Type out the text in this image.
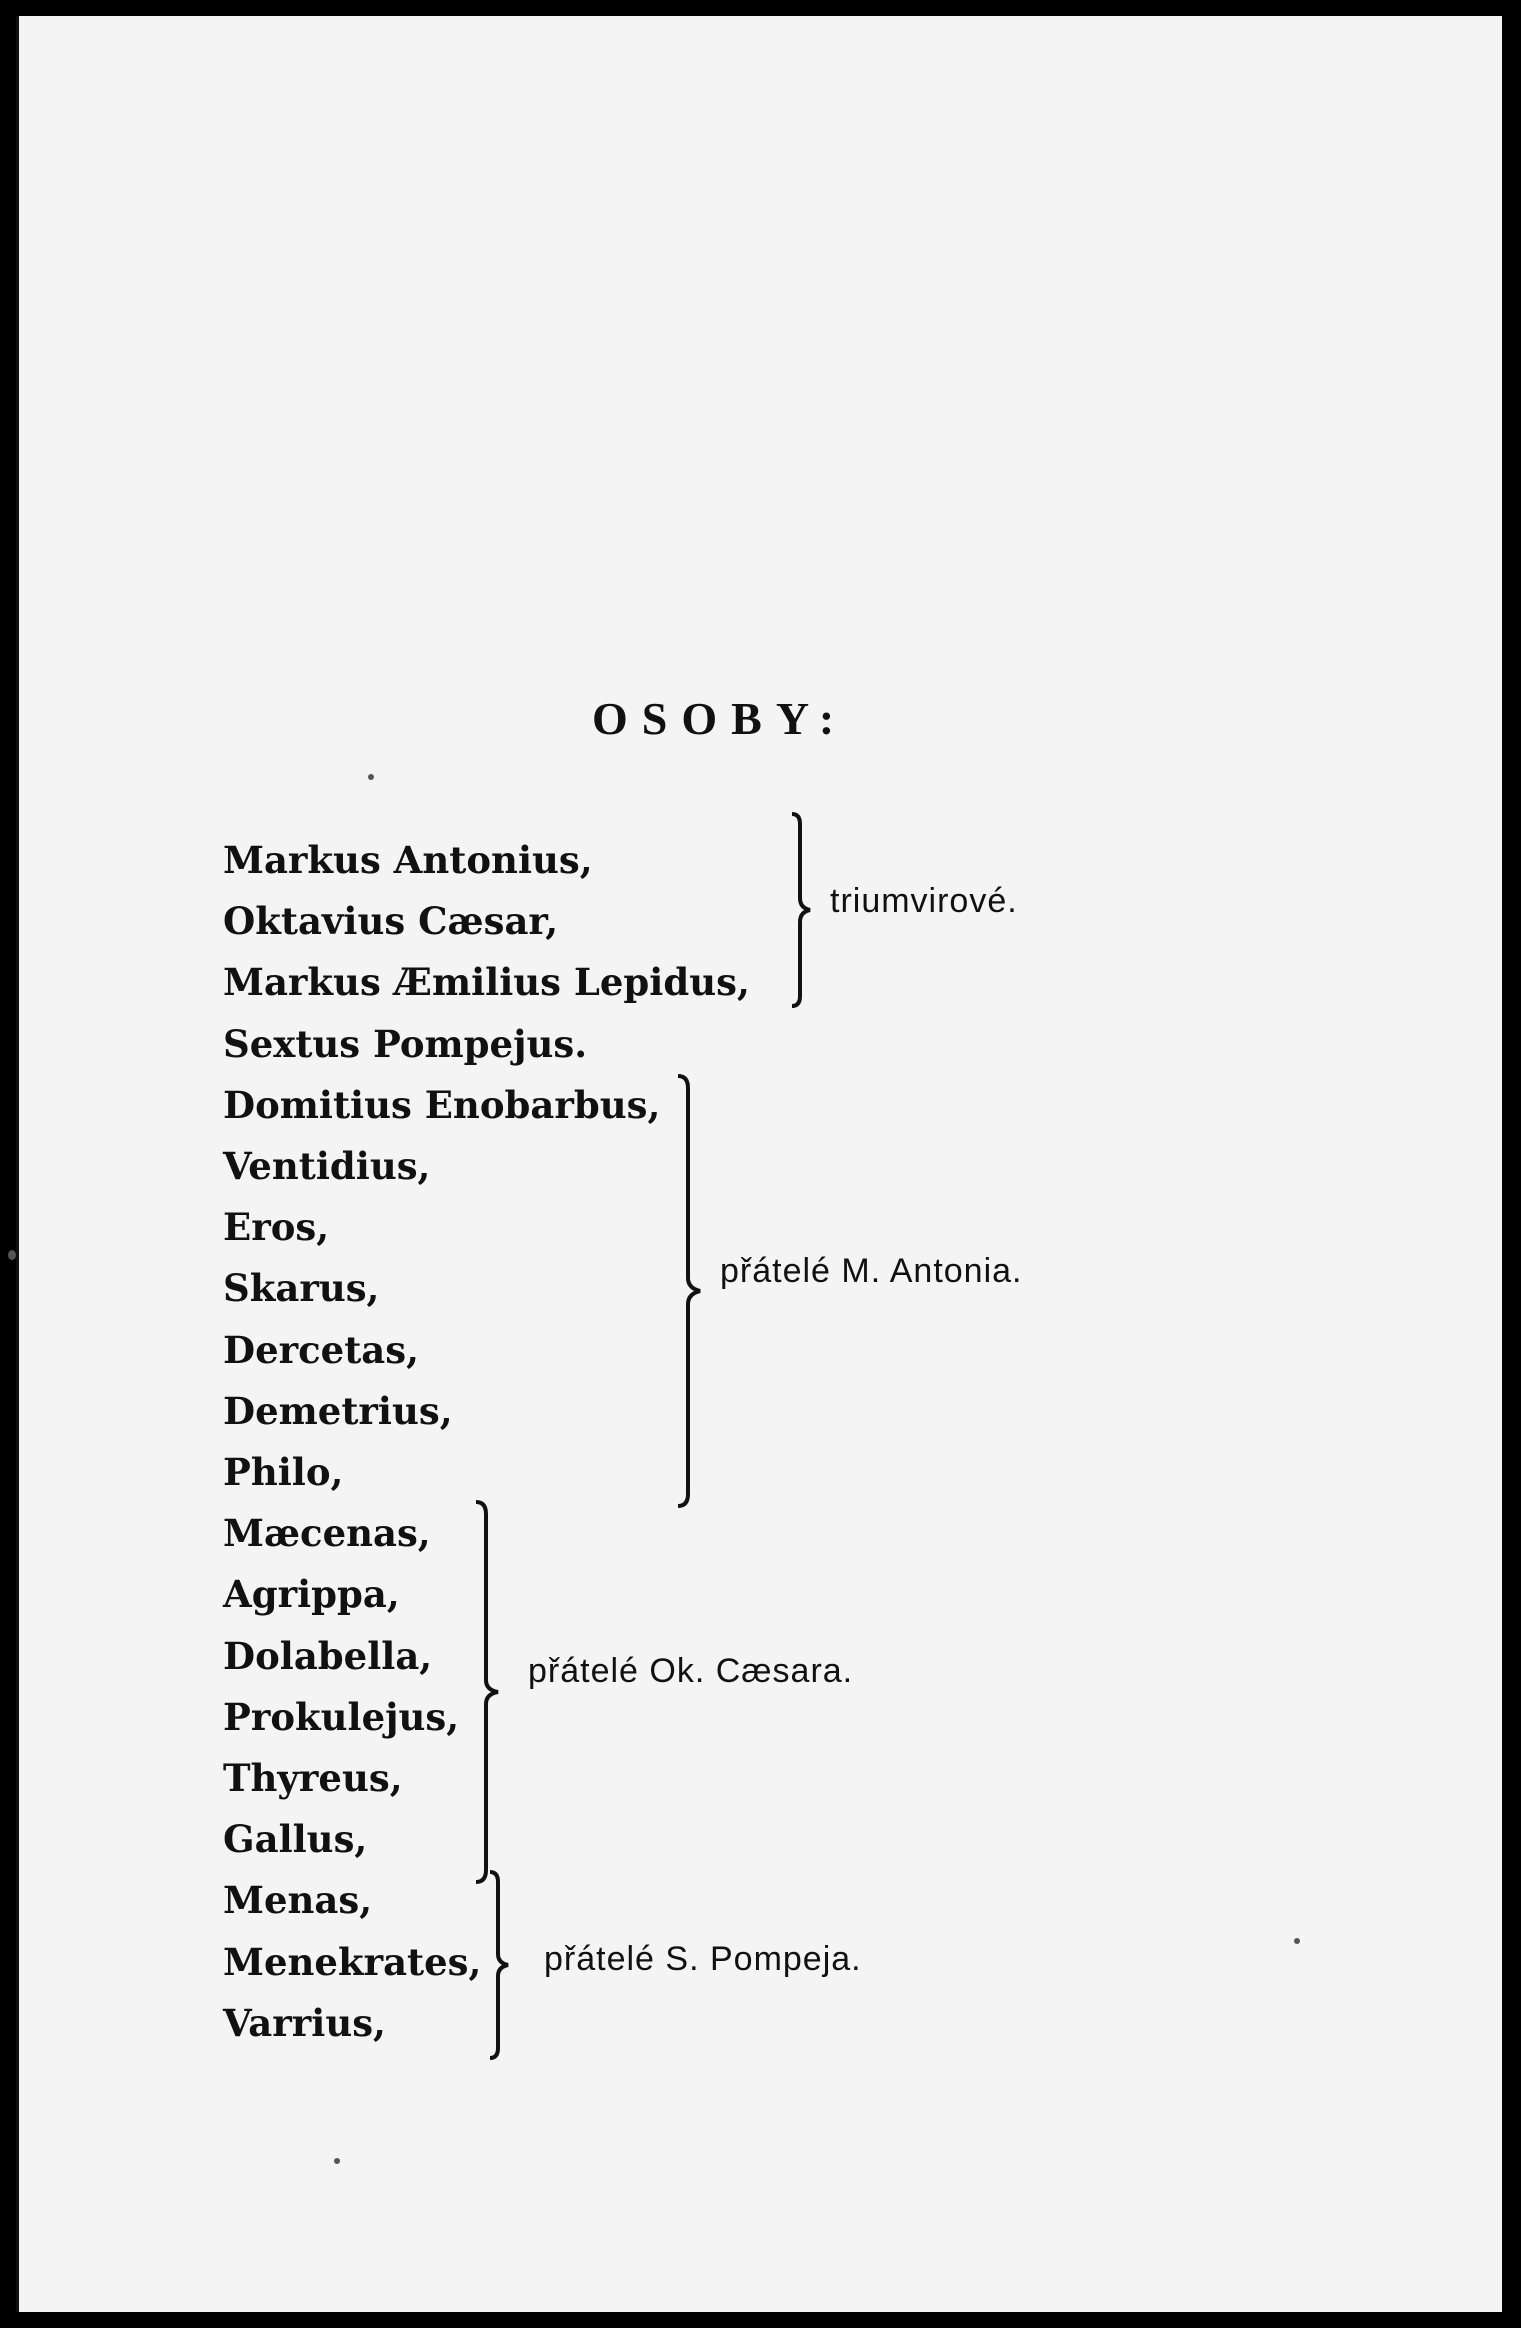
OSOBY:
Markus Antonius,
Oktavius Cæsar,
Markus Æmilius Lepidus,
Sextus Pompejus.
Domitius Enobarbus,
Ventidius,
Eros,
Skarus,
Dercetas,
Demetrius,
Philo,
Mæcenas,
Agrippa,
Dolabella,
Prokulejus,
Thyreus,
Gallus,
Menas,
Menekrates,
Varrius,
triumvirové.
přátelé M. Antonia.
přátelé Ok. Cæsara.
přátelé S. Pompeja.
